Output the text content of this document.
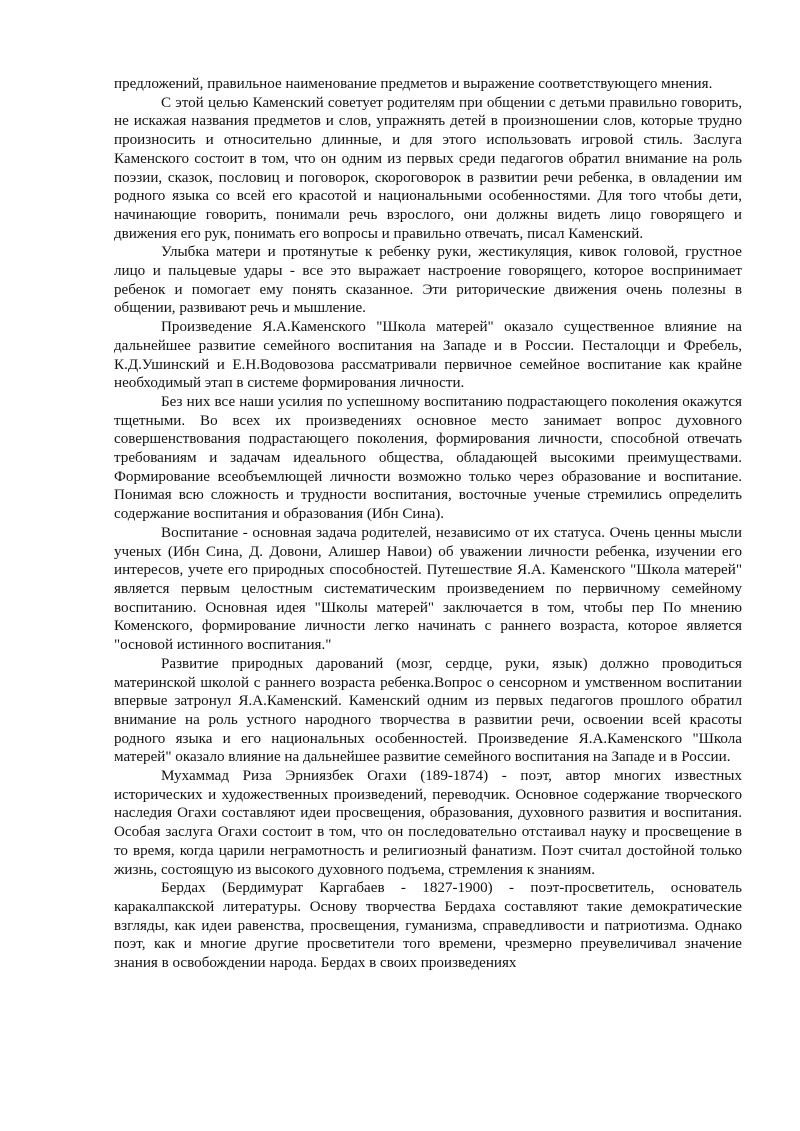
предложений, правильное наименование предметов и выражение соответствующего мнения.

С этой целью Каменский советует родителям при общении с детьми правильно говорить, не искажая названия предметов и слов, упражнять детей в произношении слов, которые трудно произносить и относительно длинные, и для этого использовать игровой стиль. Заслуга Каменского состоит в том, что он одним из первых среди педагогов обратил внимание на роль поэзии, сказок, пословиц и поговорок, скороговорок в развитии речи ребенка, в овладении им родного языка со всей его красотой и национальными особенностями. Для того чтобы дети, начинающие говорить, понимали речь взрослого, они должны видеть лицо говорящего и движения его рук, понимать его вопросы и правильно отвечать, писал Каменский.

Улыбка матери и протянутые к ребенку руки, жестикуляция, кивок головой, грустное лицо и пальцевые удары - все это выражает настроение говорящего, которое воспринимает ребенок и помогает ему понять сказанное. Эти риторические движения очень полезны в общении, развивают речь и мышление.

Произведение Я.А.Каменского "Школа матерей" оказало существенное влияние на дальнейшее развитие семейного воспитания на Западе и в России. Песталоцци и Фребель, К.Д.Ушинский и Е.Н.Водовозова рассматривали первичное семейное воспитание как крайне необходимый этап в системе формирования личности.

Без них все наши усилия по успешному воспитанию подрастающего поколения окажутся тщетными. Во всех их произведениях основное место занимает вопрос духовного совершенствования подрастающего поколения, формирования личности, способной отвечать требованиям и задачам идеального общества, обладающей высокими преимуществами. Формирование всеобъемлющей личности возможно только через образование и воспитание. Понимая всю сложность и трудности воспитания, восточные ученые стремились определить содержание воспитания и образования (Ибн Сина).

Воспитание - основная задача родителей, независимо от их статуса. Очень ценны мысли ученых (Ибн Сина, Д. Довони, Алишер Навои) об уважении личности ребенка, изучении его интересов, учете его природных способностей. Путешествие Я.А. Каменского "Школа матерей" является первым целостным систематическим произведением по первичному семейному воспитанию. Основная идея "Школы матерей" заключается в том, чтобы пер По мнению Коменского, формирование личности легко начинать с раннего возраста, которое является "основой истинного воспитания."

Развитие природных дарований (мозг, сердце, руки, язык) должно проводиться материнской школой с раннего возраста ребенка.Вопрос о сенсорном и умственном воспитании впервые затронул Я.А.Каменский. Каменский одним из первых педагогов прошлого обратил внимание на роль устного народного творчества в развитии речи, освоении всей красоты родного языка и его национальных особенностей. Произведение Я.А.Каменского "Школа матерей" оказало влияние на дальнейшее развитие семейного воспитания на Западе и в России.

Мухаммад Риза Эрниязбек Огахи (189-1874) - поэт, автор многих известных исторических и художественных произведений, переводчик. Основное содержание творческого наследия Огахи составляют идеи просвещения, образования, духовного развития и воспитания. Особая заслуга Огахи состоит в том, что он последовательно отстаивал науку и просвещение в то время, когда царили неграмотность и религиозный фанатизм. Поэт считал достойной только жизнь, состоящую из высокого духовного подъема, стремления к знаниям.

Бердах (Бердимурат Каргабаев - 1827-1900) - поэт-просветитель, основатель каракалпакской литературы. Основу творчества Бердаха составляют такие демократические взгляды, как идеи равенства, просвещения, гуманизма, справедливости и патриотизма. Однако поэт, как и многие другие просветители того времени, чрезмерно преувеличивал значение знания в освобождении народа. Бердах в своих произведениях
